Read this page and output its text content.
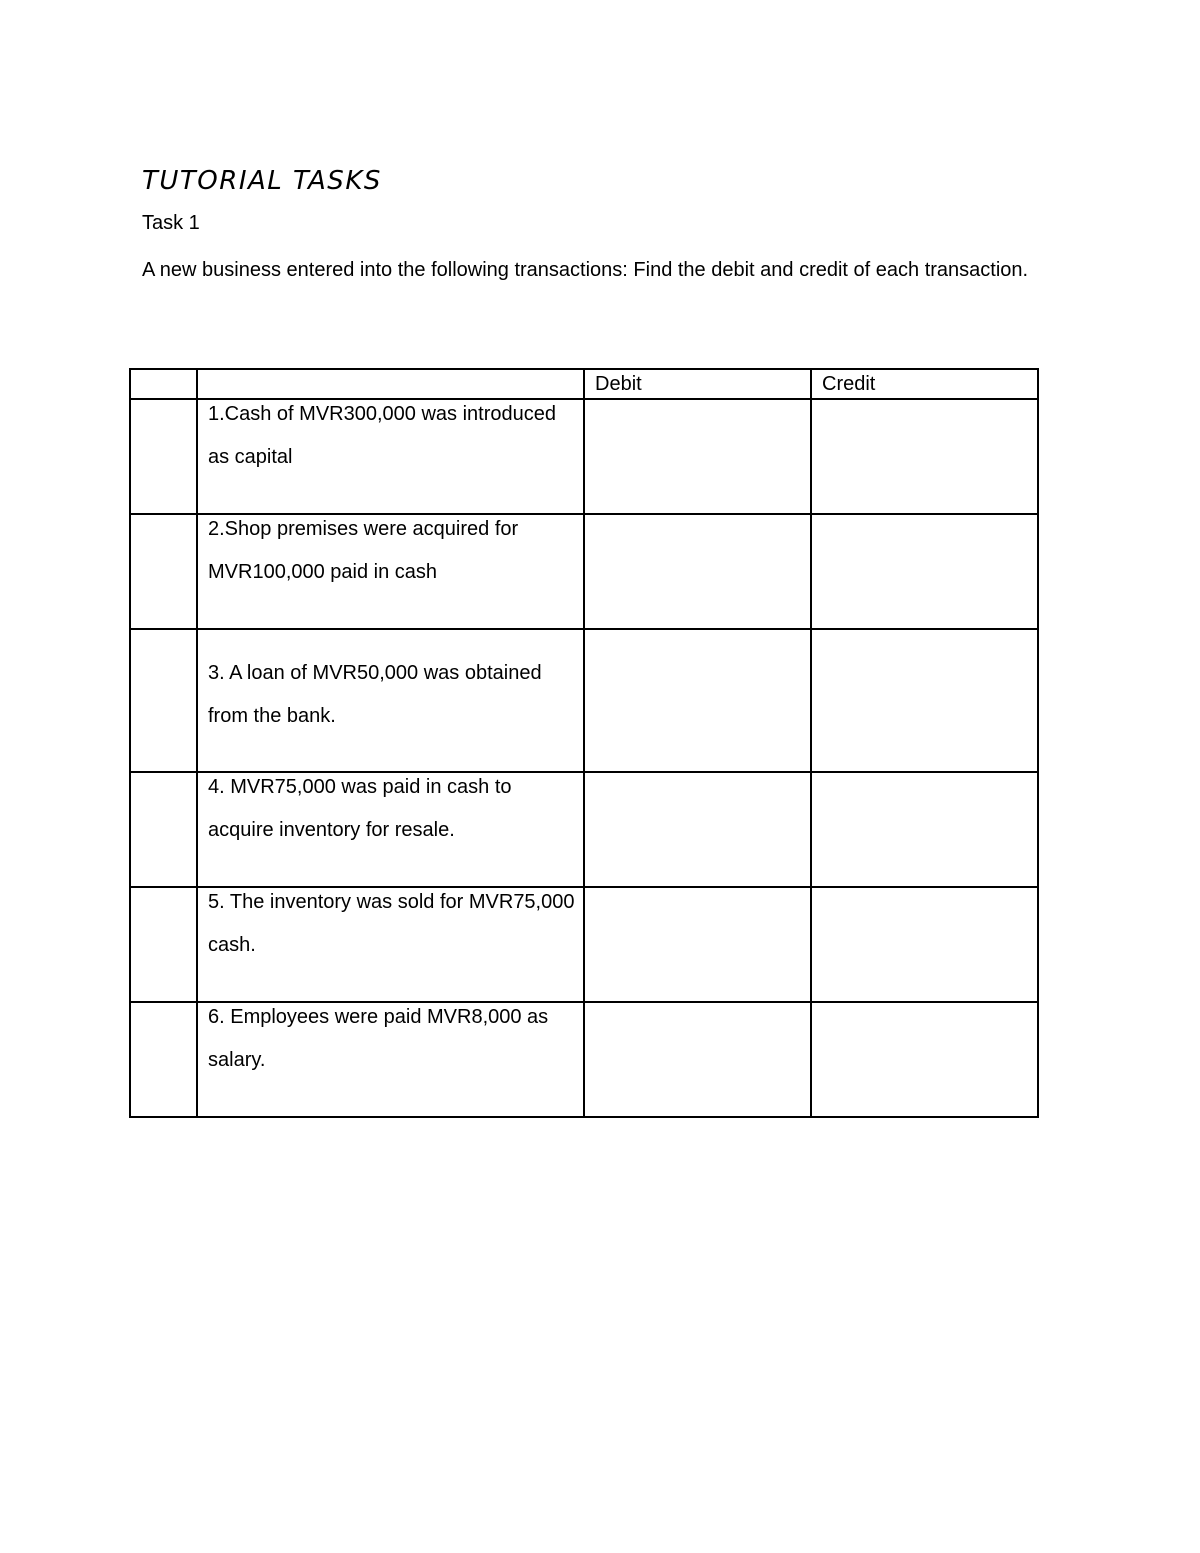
TUTORIAL TASKS

Task 1

A new business entered into the following transactions: Find the debit and credit of each transaction.

		Debit	Credit

	1.Cash of MVR300,000 was introduced as capital		

	2.Shop premises were acquired for MVR100,000 paid in cash		

	3. A loan of MVR50,000 was obtained from the bank.		

	4. MVR75,000 was paid in cash to acquire inventory for resale.		

	5. The inventory was sold for MVR75,000 cash.		

	6. Employees were paid MVR8,000 as salary.		
